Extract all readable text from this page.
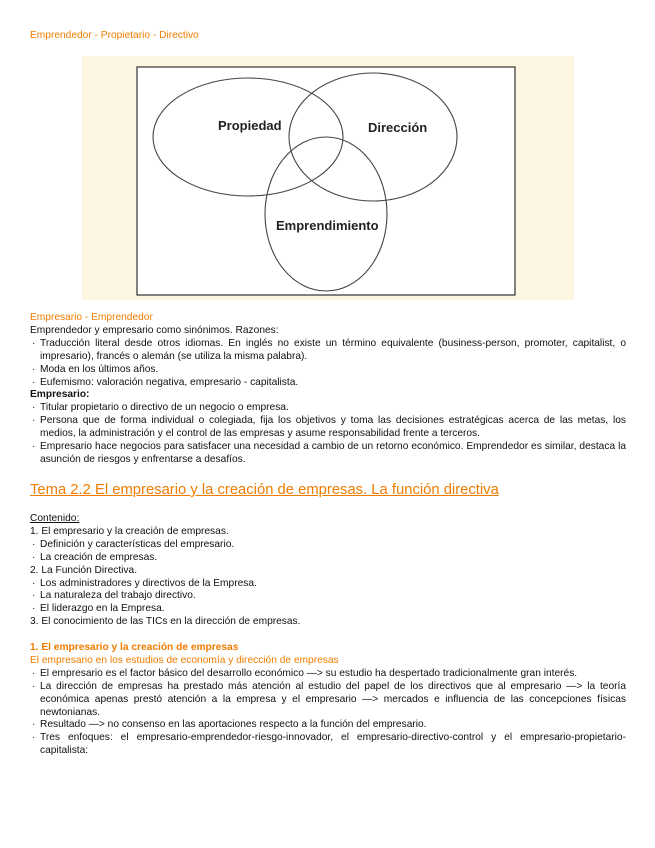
Emprendedor - Propietario - Directivo
Propiedad	Dirección
Emprendimiento

Empresario - Emprendedor

Emprendedor y empresario como sinónimos. Razones:

· Traducción literal desde otros idiomas. En inglés no existe un término equivalente (business-person, promoter, capitalist, o impresario), francés o alemán (se utiliza la misma palabra).
· Moda en los últimos años.
· Eufemismo: valoración negativa, empresario - capitalista.

Empresario:

· Titular propietario o directivo de un negocio o empresa.
· Persona que de forma individual o colegiada, fija los objetivos y toma las decisiones estratégicas acerca de las metas, los medios, la administración y el control de las empresas y asume responsabilidad frente a terceros.
· Empresario hace negocios para satisfacer una necesidad a cambio de un retorno económico. Emprendedor es similar, destaca la asunción de riesgos y enfrentarse a desafíos.
Tema 2.2 El empresario y la creación de empresas. La función directiva

Contenido:

1. El empresario y la creación de empresas.
· Definición y características del empresario.
· La creación de empresas.
2. La Función Directiva.
· Los administradores y directivos de la Empresa.
· La naturaleza del trabajo directivo.
· El liderazgo en la Empresa.
3. El conocimiento de las TICs en la dirección de empresas.

1. El empresario y la creación de empresas

El empresario en los estudios de economía y dirección de empresas

· El empresario es el factor básico del desarrollo económico —> su estudio ha despertado tradicionalmente gran interés.
· La dirección de empresas ha prestado más atención al estudio del papel de los directivos que al empresario —> la teoría económica apenas prestó atención a la empresa y el empresario —> mercados e influencia de las concepciones físicas newtonianas.
· Resultado —> no consenso en las aportaciones respecto a la función del empresario.
· Tres enfoques: el empresario-emprendedor-riesgo-innovador, el empresario-directivo-control y el empresario-propietario-capitalista:
